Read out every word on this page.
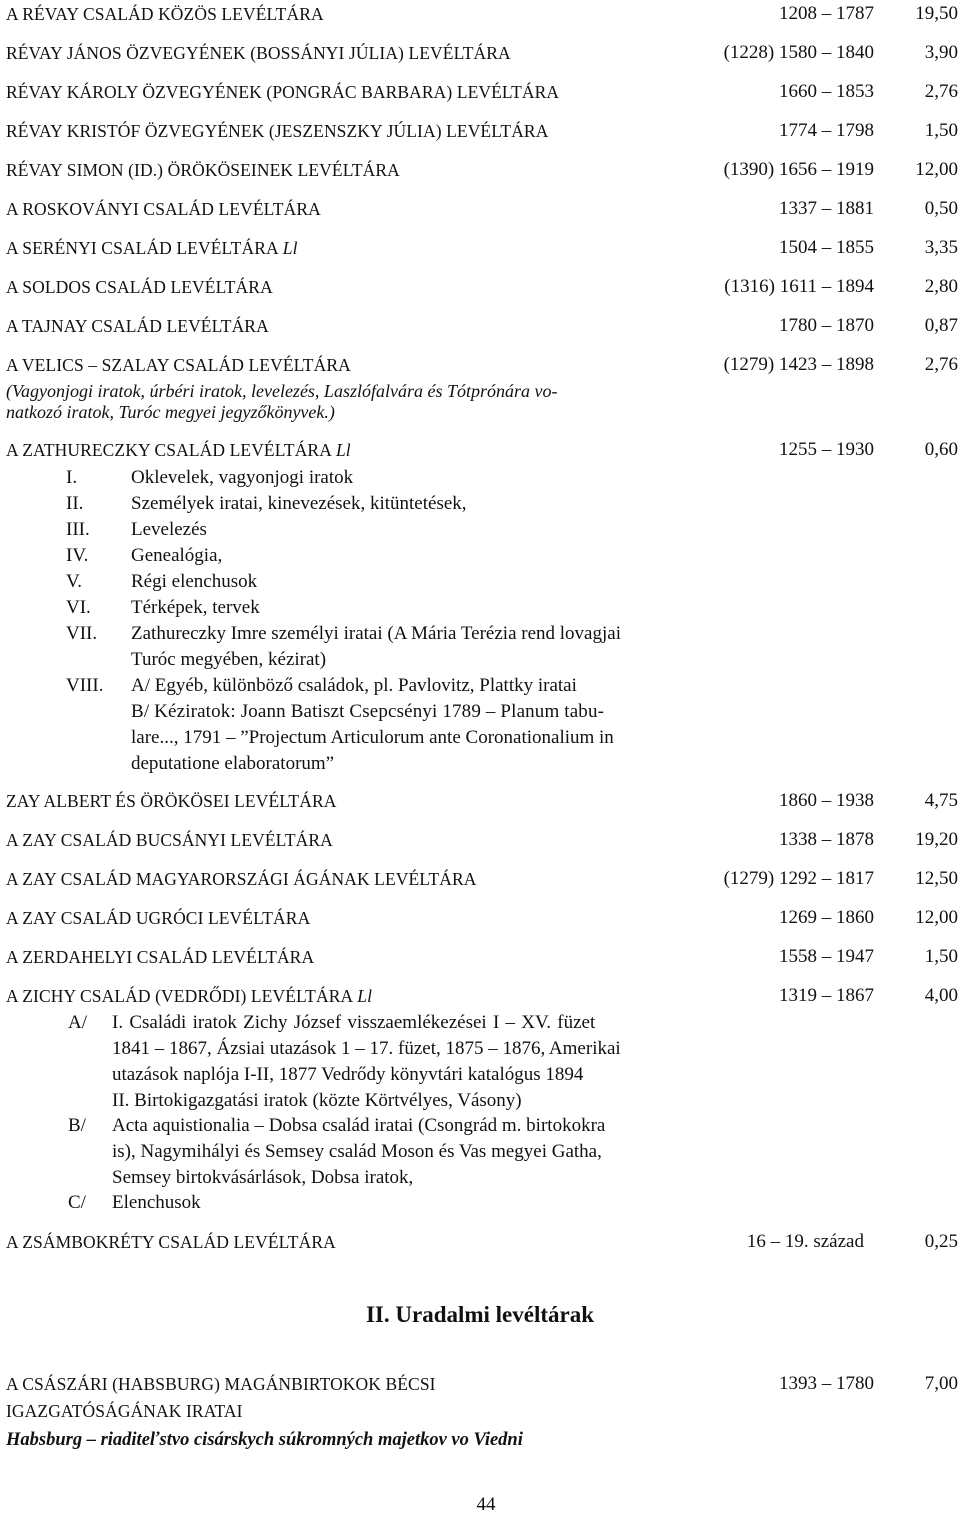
A RÉVAY CSALÁD KÖZÖS LEVÉLTÁRA	1208 – 1787 19,50
RÉVAY JÁNOS ÖZVEGYÉNEK (BOSSÁNYI JÚLIA) LEVÉLTÁRA	(1228) 1580 – 1840	3,90
RÉVAY KÁROLY ÖZVEGYÉNEK (PONGRÁC BARBARA) LEVÉLTÁRA	1660 – 1853	2,76
RÉVAY KRISTÓF ÖZVEGYÉNEK (JESZENSZKY JÚLIA) LEVÉLTÁRA	1774 – 1798	1,50
RÉVAY SIMON (ID.) ÖRÖKÖSEINEK LEVÉLTÁRA	(1390) 1656 – 1919 12,00
A ROSKOVÁNYI CSALÁD LEVÉLTÁRA	1337 – 1881	0,50
A SERÉNYI CSALÁD LEVÉLTÁRA Ll	1504 – 1855	3,35
A SOLDOS CSALÁD LEVÉLTÁRA	(1316) 1611 – 1894	2,80
A TAJNAY CSALÁD LEVÉLTÁRA	1780 – 1870	0,87
A VELICS – SZALAY CSALÁD LEVÉLTÁRA	(1279) 1423 – 1898	2,76
(Vagyonjogi iratok, úrbéri iratok, levelezés, Laszlófalvára és Tótprónára vo-
natkozó iratok, Turóc megyei jegyzőkönyvek.)
A ZATHURECZKY CSALÁD LEVÉLTÁRA Ll	1255 – 1930	0,60
I.	Oklevelek, vagyonjogi iratok
II.	Személyek iratai, kinevezések, kitüntetések,
III. Levelezés
IV. Genealógia,
V.	Régi elenchusok
VI. Térképek, tervek
VII. Zathureczky Imre személyi iratai (A Mária Terézia rend lovagjai
Turóc megyében, kézirat)
VIII. A/ Egyéb, különböző családok, pl. Pavlovitz, Plattky iratai
B/ Kéziratok: Joann Batiszt Csepcsényi 1789 – Planum tabu-
lare..., 1791 – ”Projectum Articulorum ante Coronationalium in
deputatione elaboratorum”
ZAY ALBERT ÉS ÖRÖKÖSEI LEVÉLTÁRA	1860 – 1938	4,75
A ZAY CSALÁD BUCSÁNYI LEVÉLTÁRA	1338 – 1878 19,20
A ZAY CSALÁD MAGYARORSZÁGI ÁGÁNAK LEVÉLTÁRA	(1279) 1292 – 1817 12,50
A ZAY CSALÁD UGRÓCI LEVÉLTÁRA	1269 – 1860 12,00
A ZERDAHELYI CSALÁD LEVÉLTÁRA	1558 – 1947	1,50
A ZICHY CSALÁD (VEDRŐDI) LEVÉLTÁRA Ll	1319 – 1867	4,00
A/ I. Családi iratok Zichy József visszaemlékezései I – XV. füzet
1841 – 1867, Ázsiai utazások 1 – 17. füzet, 1875 – 1876, Amerikai
utazások naplója I-II, 1877 Vedrődy könyvtári katalógus 1894
II. Birtokigazgatási iratok (közte Körtvélyes, Vásony)
B/ Acta aquistionalia – Dobsa család iratai (Csongrád m. birtokokra
is), Nagymihályi és Semsey család Moson és Vas megyei Gatha,
Semsey birtokvásárlások, Dobsa iratok,
C/ Elenchusok
A ZSÁMBOKRÉTY CSALÁD LEVÉLTÁRA	16 – 19. század	0,25
II. Uradalmi levéltárak
A CSÁSZÁRI (HABSBURG) MAGÁNBIRTOKOK BÉCSI
IGAZGATÓSÁGÁNAK IRATAI
1393 – 1780	7,00
Habsburg – riaditeľstvo cisárskych súkromných majetkov vo Viedni
44
